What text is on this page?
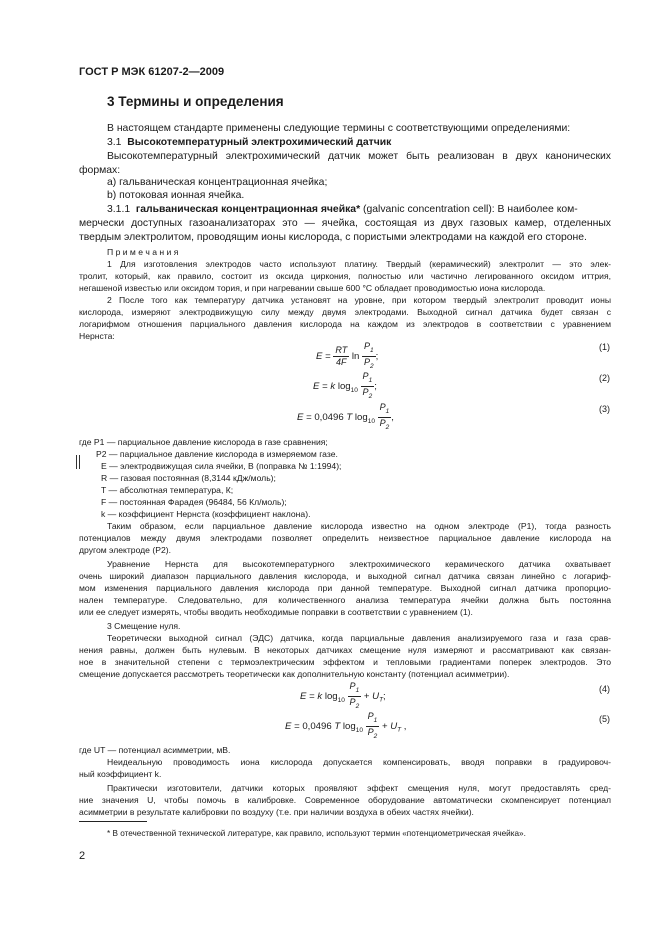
ГОСТ Р МЭК 61207-2—2009
3 Термины и определения
В настоящем стандарте применены следующие термины с соответствующими определениями:
3.1 Высокотемпературный электрохимический датчик
Высокотемпературный электрохимический датчик может быть реализован в двух канонических
формах:
a) гальваническая концентрационная ячейка;
b) потоковая ионная ячейка.
3.1.1 гальваническая концентрационная ячейка* (galvanic concentration cell): В наиболее ком-
мерчески доступных газоанализаторах это — ячейка, состоящая из двух газовых камер, отделенных
твердым электролитом, проводящим ионы кислорода, с пористыми электродами на каждой его стороне.
П р и м е ч а н и я
1 Для изготовления электродов часто используют платину. Твердый (керамический) электролит — это элек-
тролит, который, как правило, состоит из оксида циркония, полностью или частично легированного оксидом иттрия,
негашеной известью или оксидом тория, и при нагревании свыше 600 °С обладает проводимостью иона кислорода.
2 После того как температуру датчика установят на уровне, при котором твердый электролит проводит ионы
кислорода, измеряют электродвижущую силу между двумя электродами. Выходной сигнал датчика будет связан с
логарифмом отношения парциального давления кислорода на каждом из электродов в соответствии с уравнением
Нернста:
$E = \frac{RT}{4F}$ $\ln \frac{P_1}{P_2}$ ;
(1)
E = k $\log_{10} \frac{P_1}{P_2}$ ;
(2)
E = 0,0496 T $\log_{10} \frac{P_1}{P_2}$ ,
(3)
где P1 — парциальное давление кислорода в газе сравнения;
P2 — парциальное давление кислорода в измеряемом газе.
E — электродвижущая сила ячейки, В (поправка № 1:1994);
R — газовая постоянная (8,3144 кДж/моль);
T — абсолютная температура, К;
F — постоянная Фарадея (96484, 56 Кл/моль);
k — коэффициент Нернста (коэффициент наклона).
Таким образом, если парциальное давление кислорода известно на одном электроде (P1), тогда разность
потенциалов между двумя электродами позволяет определить неизвестное парциальное давление кислорода на
другом электроде (P2).
Уравнение Нернста для высокотемпературного электрохимического керамического датчика охватывает
очень широкий диапазон парциального давления кислорода, и выходной сигнал датчика связан линейно с логариф-
мом изменения парциального давления кислорода при данной температуре. Выходной сигнал датчика пропорцио-
нален температуре. Следовательно, для количественного анализа температура ячейки должна быть постоянна
или ее следует измерять, чтобы вводить необходимые поправки в соответствии с уравнением (1).
3 Смещение нуля.
Теоретически выходной сигнал (ЭДС) датчика, когда парциальные давления анализируемого газа и газа срав-
нения равны, должен быть нулевым. В некоторых датчиках смещение нуля измеряют и рассматривают как связан-
ное в значительной степени с термоэлектрическим эффектом и тепловыми градиентами поперек электродов. Это
смещение допускается рассмотреть теоретически как дополнительную константу (потенциал асимметрии).
E = k $\log_{10} \frac{P_1}{P_2} + U_T$;
(4)
E = 0,0496 T $\log_{10} \frac{P_1}{P_2} + U_T$ ,
(5)
где UT — потенциал асимметрии, мВ.
Неидеальную проводимость иона кислорода допускается компенсировать, вводя поправки в градуировоч-
ный коэффициент k.
Практически изготовители, датчики которых проявляют эффект смещения нуля, могут предоставлять сред-
ние значения U, чтобы помочь в калибровке. Современное оборудование автоматически скомпенсирует потенциал
асимметрии в результате калибровки по воздуху (т.е. при наличии воздуха в обеих частях ячейки).
* В отечественной технической литературе, как правило, используют термин «потенциометрическая ячейка».
2
